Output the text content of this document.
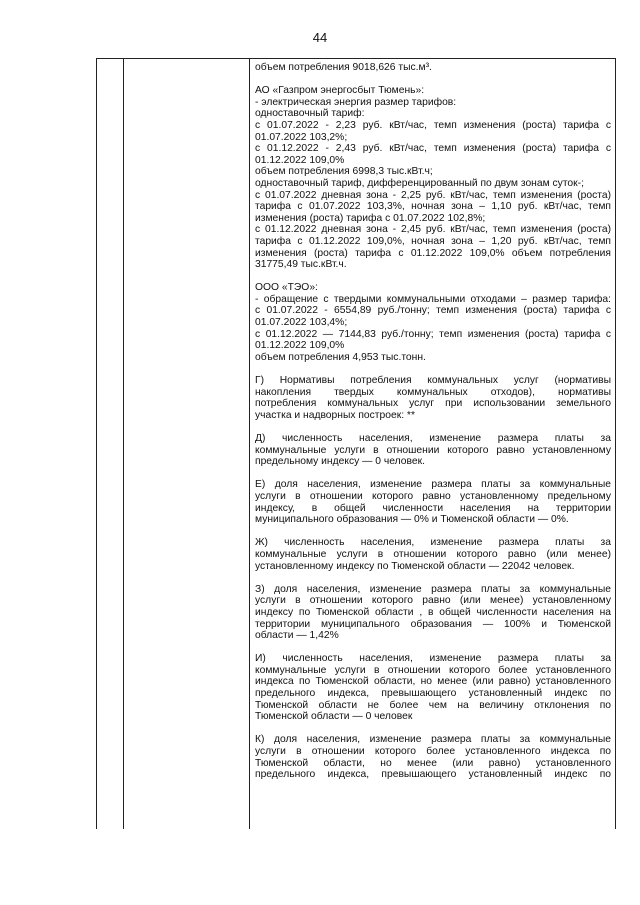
44
объем потребления 9018,626 тыс.м³.
АО «Газпром энергосбыт Тюмень»:
- электрическая энергия размер тарифов:
одноставочный тариф:
с 01.07.2022 - 2,23 руб. кВт/час, темп изменения (роста) тарифа с
01.07.2022 103,2%;
с 01.12.2022 - 2,43 руб. кВт/час, темп изменения (роста) тарифа с
01.12.2022 109,0%
объем потребления 6998,3 тыс.кВт.ч;
одноставочный тариф, дифференцированный по двум зонам суток-;
с 01.07.2022 дневная зона - 2,25 руб. кВт/час, темп изменения (роста)
тарифа с 01.07.2022 103,3%, ночная зона – 1,10 руб. кВт/час, темп
изменения (роста) тарифа с 01.07.2022 102,8%;
с 01.12.2022 дневная зона - 2,45 руб. кВт/час, темп изменения (роста)
тарифа с 01.12.2022 109,0%, ночная зона – 1,20 руб. кВт/час, темп
изменения (роста) тарифа с 01.12.2022 109,0% объем потребления
31775,49 тыс.кВт.ч.
ООО «ТЭО»:
- обращение с твердыми коммунальными отходами – размер тарифа:
с 01.07.2022 - 6554,89 руб./тонну; темп изменения (роста) тарифа с
01.07.2022 103,4%;
с 01.12.2022 — 7144,83 руб./тонну; темп изменения (роста) тарифа с
01.12.2022 109,0%
объем потребления 4,953 тыс.тонн.
Г) Нормативы потребления коммунальных услуг (нормативы
накопления твердых коммунальных отходов), нормативы
потребления коммунальных услуг при использовании земельного
участка и надворных построек: **
Д) численность населения, изменение размера платы за
коммунальные услуги в отношении которого равно установленному
предельному индексу — 0 человек.
Е) доля населения, изменение размера платы за коммунальные
услуги в отношении которого равно установленному предельному
индексу, в общей численности населения на территории
муниципального образования — 0% и Тюменской области — 0%.
Ж) численность населения, изменение размера платы за
коммунальные услуги в отношении которого равно (или менее)
установленному индексу по Тюменской области — 22042 человек.
З) доля населения, изменение размера платы за коммунальные
услуги в отношении которого равно (или менее) установленному
индексу по Тюменской области , в общей численности населения на
территории муниципального образования — 100% и Тюменской
области — 1,42%
И) численность населения, изменение размера платы за
коммунальные услуги в отношении которого более установленного
индекса по Тюменской области, но менее (или равно) установленного
предельного индекса, превышающего установленный индекс по
Тюменской области не более чем на величину отклонения по
Тюменской области — 0 человек
К) доля населения, изменение размера платы за коммунальные
услуги в отношении которого более установленного индекса по
Тюменской области, но менее (или равно) установленного
предельного индекса, превышающего установленный индекс по
